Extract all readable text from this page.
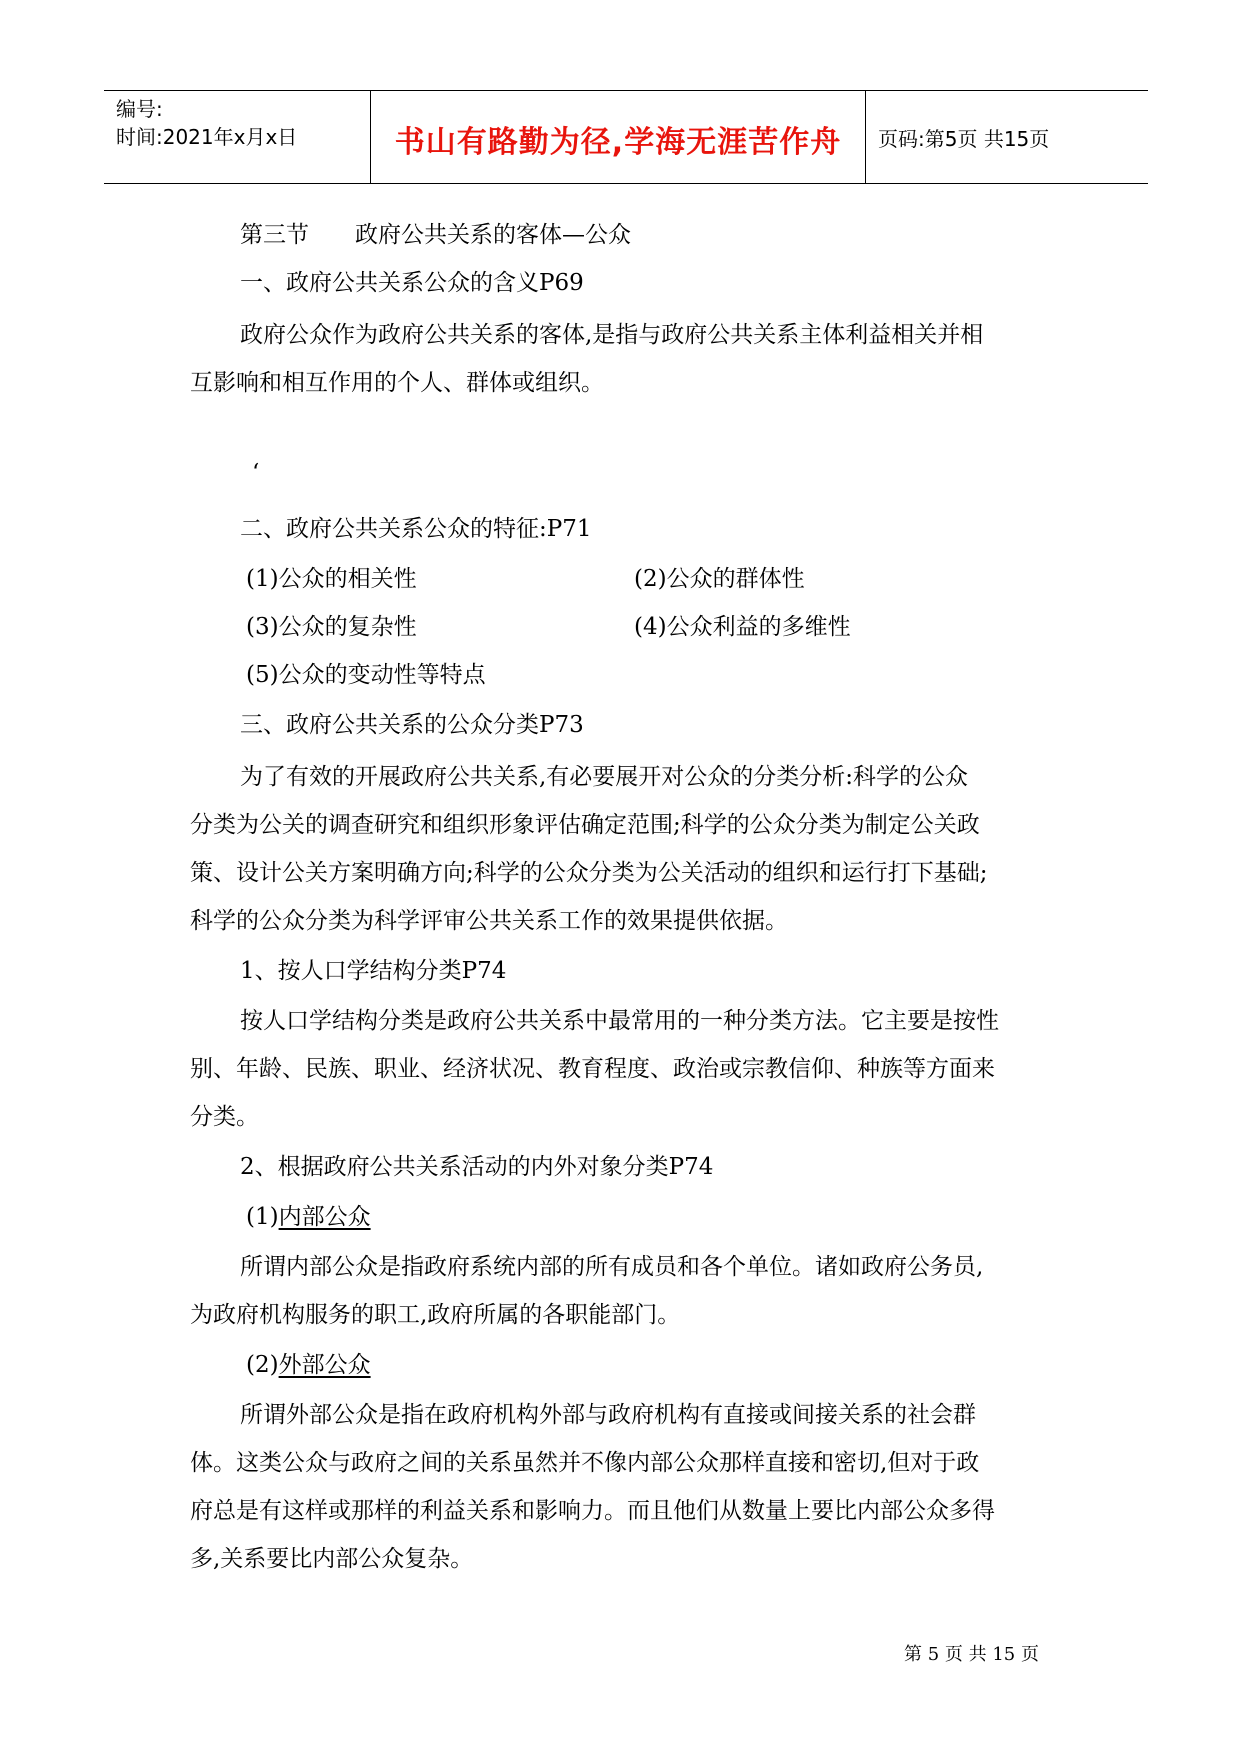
编号:
时间:2021年x月x日	书山有路勤为径,学海无涯苦作舟 页码:第5页 共15页
第三节　　政府公共关系的客体—公众
一、政府公共关系公众的含义P69
政府公众作为政府公共关系的客体,是指与政府公共关系主体利益相关并相
互影响和相互作用的个人、群体或组织。
‘
二、政府公共关系公众的特征:P71
(1)公众的相关性	(2)公众的群体性
(3)公众的复杂性	(4)公众利益的多维性
(5)公众的变动性等特点
三、政府公共关系的公众分类P73
为了有效的开展政府公共关系,有必要展开对公众的分类分析:科学的公众
分类为公关的调查研究和组织形象评估确定范围;科学的公众分类为制定公关政
策、设计公关方案明确方向;科学的公众分类为公关活动的组织和运行打下基础;
科学的公众分类为科学评审公共关系工作的效果提供依据。
1、按人口学结构分类P74
按人口学结构分类是政府公共关系中最常用的一种分类方法。它主要是按性
别、年龄、民族、职业、经济状况、教育程度、政治或宗教信仰、种族等方面来
分类。
2、根据政府公共关系活动的内外对象分类P74
(1)内部公众
所谓内部公众是指政府系统内部的所有成员和各个单位。诸如政府公务员,
为政府机构服务的职工,政府所属的各职能部门。
(2)外部公众
所谓外部公众是指在政府机构外部与政府机构有直接或间接关系的社会群
体。这类公众与政府之间的关系虽然并不像内部公众那样直接和密切,但对于政
府总是有这样或那样的利益关系和影响力。而且他们从数量上要比内部公众多得
多,关系要比内部公众复杂。
第 5 页 共 15 页
